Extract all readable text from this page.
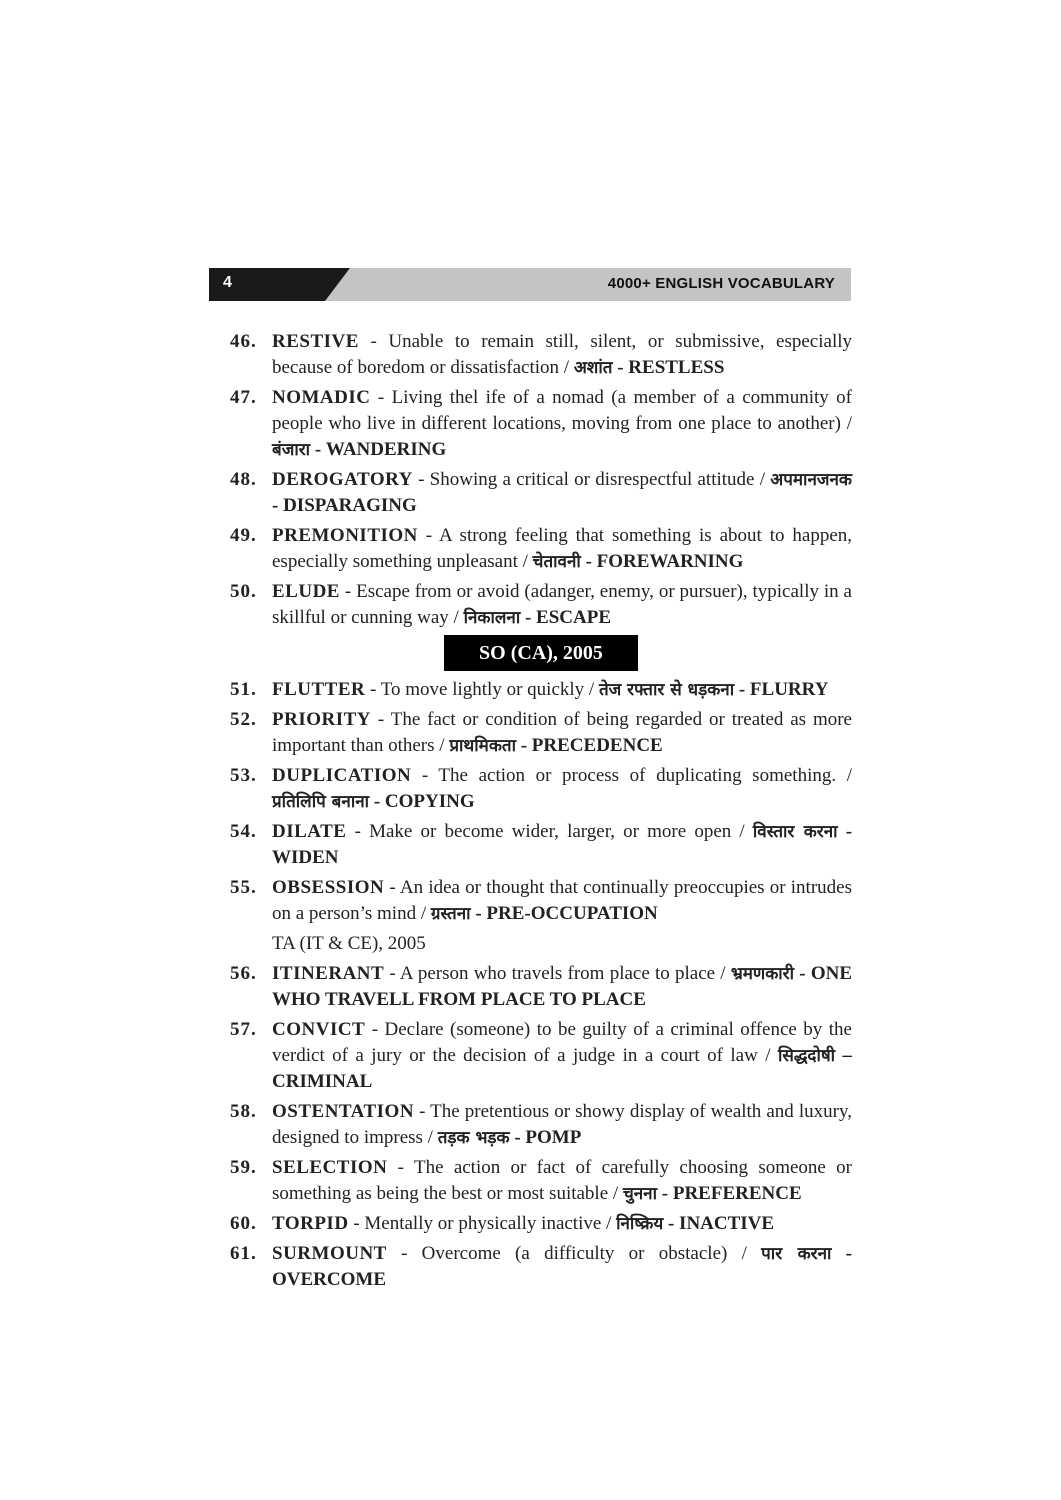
4	4000+ ENGLISH VOCABULARY
46. RESTIVE - Unable to remain still, silent, or submissive, especially because of boredom or dissatisfaction / अशांत - RESTLESS
47. NOMADIC - Living thel ife of a nomad (a member of a community of people who live in different locations, moving from one place to another) / बंजारा - WANDERING
48. DEROGATORY - Showing a critical or disrespectful attitude / अपमानजनक - DISPARAGING
49. PREMONITION - A strong feeling that something is about to happen, especially something unpleasant / चेतावनी - FOREWARNING
50. ELUDE - Escape from or avoid (adanger, enemy, or pursuer), typically in a skillful or cunning way / निकालना - ESCAPE
SO (CA), 2005
51. FLUTTER - To move lightly or quickly / तेज रफ्तार से धड़कना - FLURRY
52. PRIORITY - The fact or condition of being regarded or treated as more important than others / प्राथमिकता - PRECEDENCE
53. DUPLICATION - The action or process of duplicating something. / प्रतिलिपि बनाना - COPYING
54. DILATE - Make or become wider, larger, or more open / विस्तार करना - WIDEN
55. OBSESSION - An idea or thought that continually preoccupies or intrudes on a person’s mind / ग्रस्तना - PRE-OCCUPATION
TA (IT & CE), 2005
56. ITINERANT - A person who travels from place to place / भ्रमणकारी - ONE WHO TRAVELL FROM PLACE TO PLACE
57. CONVICT - Declare (someone) to be guilty of a criminal offence by the verdict of a jury or the decision of a judge in a court of law / सिद्धदोषी – CRIMINAL
58. OSTENTATION - The pretentious or showy display of wealth and luxury, designed to impress / तड़क भड़क - POMP
59. SELECTION - The action or fact of carefully choosing someone or something as being the best or most suitable / चुनना - PREFERENCE
60. TORPID - Mentally or physically inactive / निष्क्रिय - INACTIVE
61. SURMOUNT - Overcome (a difficulty or obstacle) / पार करना - OVERCOME
